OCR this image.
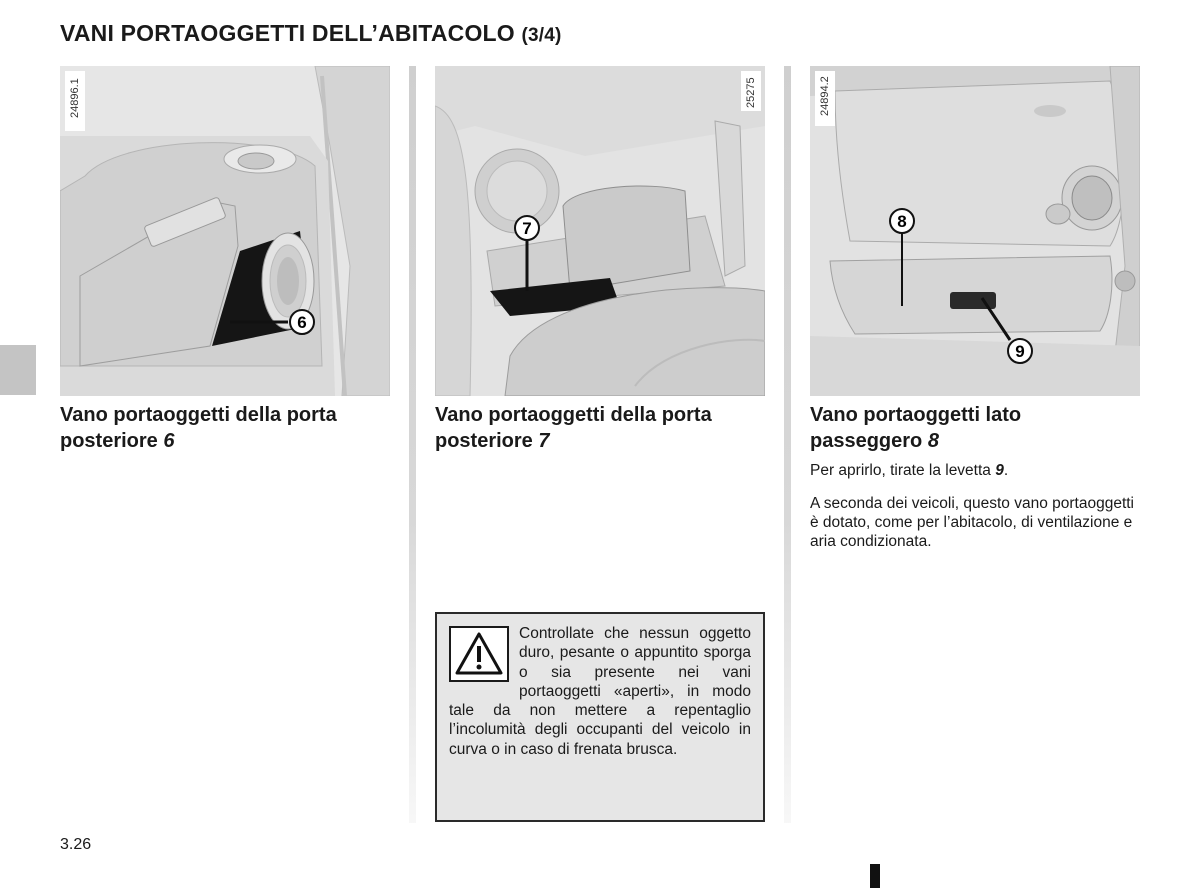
VANI PORTAOGGETTI DELL’ABITACOLO (3/4)
6
24896.1
7
25275
8
9
24894.2
Vano portaoggetti della porta posteriore 6
Vano portaoggetti della porta posteriore 7
Vano portaoggetti lato passeggero 8
Per aprirlo, tirate la levetta 9.
A seconda dei veicoli, questo vano portaoggetti è dotato, come per l’abitacolo, di ventilazione e aria condizionata.
Controllate che nessun oggetto duro, pesante o appuntito sporga o sia presente nei vani portaoggetti «aperti», in modo tale da non mettere a repentaglio l’incolumità degli occupanti del veicolo in curva o in caso di frenata brusca.
3.26
